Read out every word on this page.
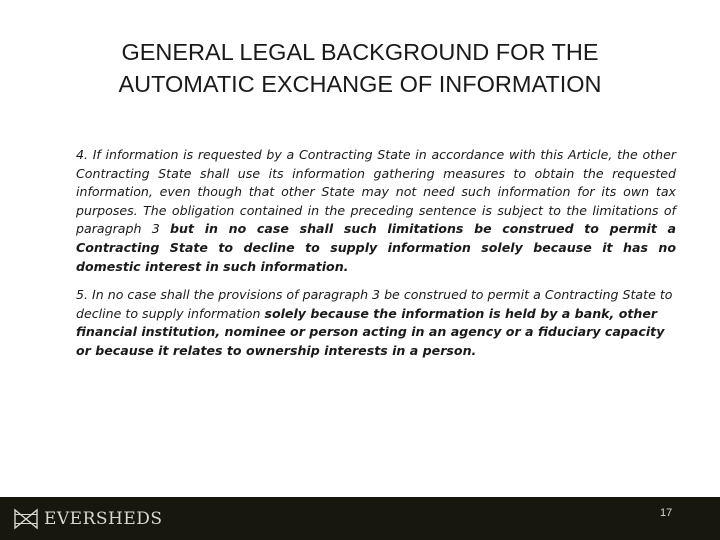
GENERAL LEGAL BACKGROUND FOR THE
AUTOMATIC EXCHANGE OF INFORMATION
4. If information is requested by a Contracting State in accordance with this Article, the other Contracting State shall use its information gathering measures to obtain the requested information, even though that other State may not need such information for its own tax purposes. The obligation contained in the preceding sentence is subject to the limitations of paragraph 3 but in no case shall such limitations be construed to permit a Contracting State to decline to supply information solely because it has no domestic interest in such information.
5. In no case shall the provisions of paragraph 3 be construed to permit a Contracting State to decline to supply information solely because the information is held by a bank, other financial institution, nominee or person acting in an agency or a fiduciary capacity or because it relates to ownership interests in a person.
EVERSHEDS	17
